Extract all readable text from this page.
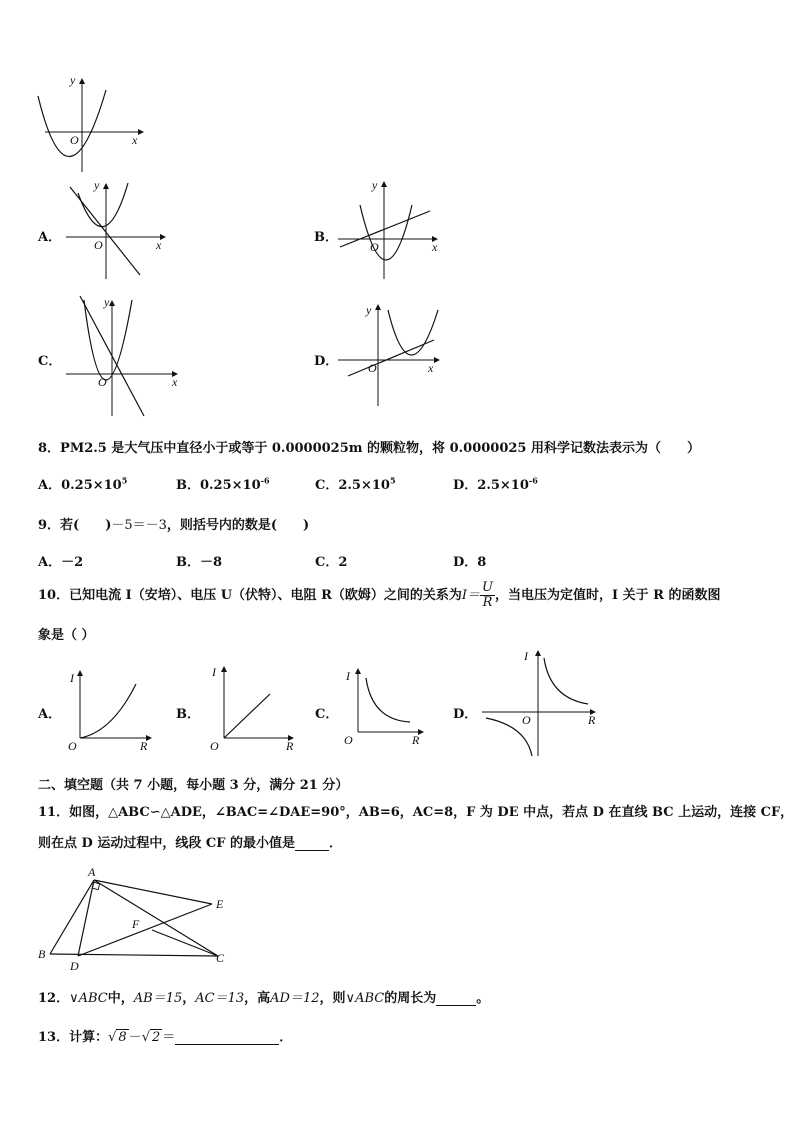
y
x
O
A．
y
x
O	B．
y
x
O
C．
y
x
O
D．
y
x
O
8．PM2.5 是大气压中直径小于或等于 0.0000025m 的颗粒物，将 0.0000025 用科学记数法表示为（　　）
A．$0.25\times 10^5$	B．$0.25\times 10^{-6}$	C．$2.5\times 10^5$	D．$2.5\times 10^{-6}$
9．若(　　)－5＝－3，则括号内的数是(　　)
A．－2	B．－8	C．2	D．8
10．已知电流 I（安培）、电压 U（伏特）、电阻 R（欧姆）之间的关系为$I= \frac{U}{R}$ ，当电压为定值时，I 关于 R 的函数图
象是（ ）
A．
I
R
O
B．
I
R
O
C．
I
R
O
D．
I
R
O
二、填空题（共 7 小题，每小题 3 分，满分 21 分）
11．如图，△ABC∽△ADE，∠BAC=∠DAE=90°，AB=6，AC=8，F 为 DE 中点，若点 D 在直线 BC 上运动，连接 CF，
则在点 D 运动过程中，线段 CF 的最小值是	．
A
B	C
D
E
F
12．∨ABC中，AB＝15，AC＝13，高AD＝12，则∨ABC的周长为	。
13．计算：√ 8 －√ 2 ＝	．
